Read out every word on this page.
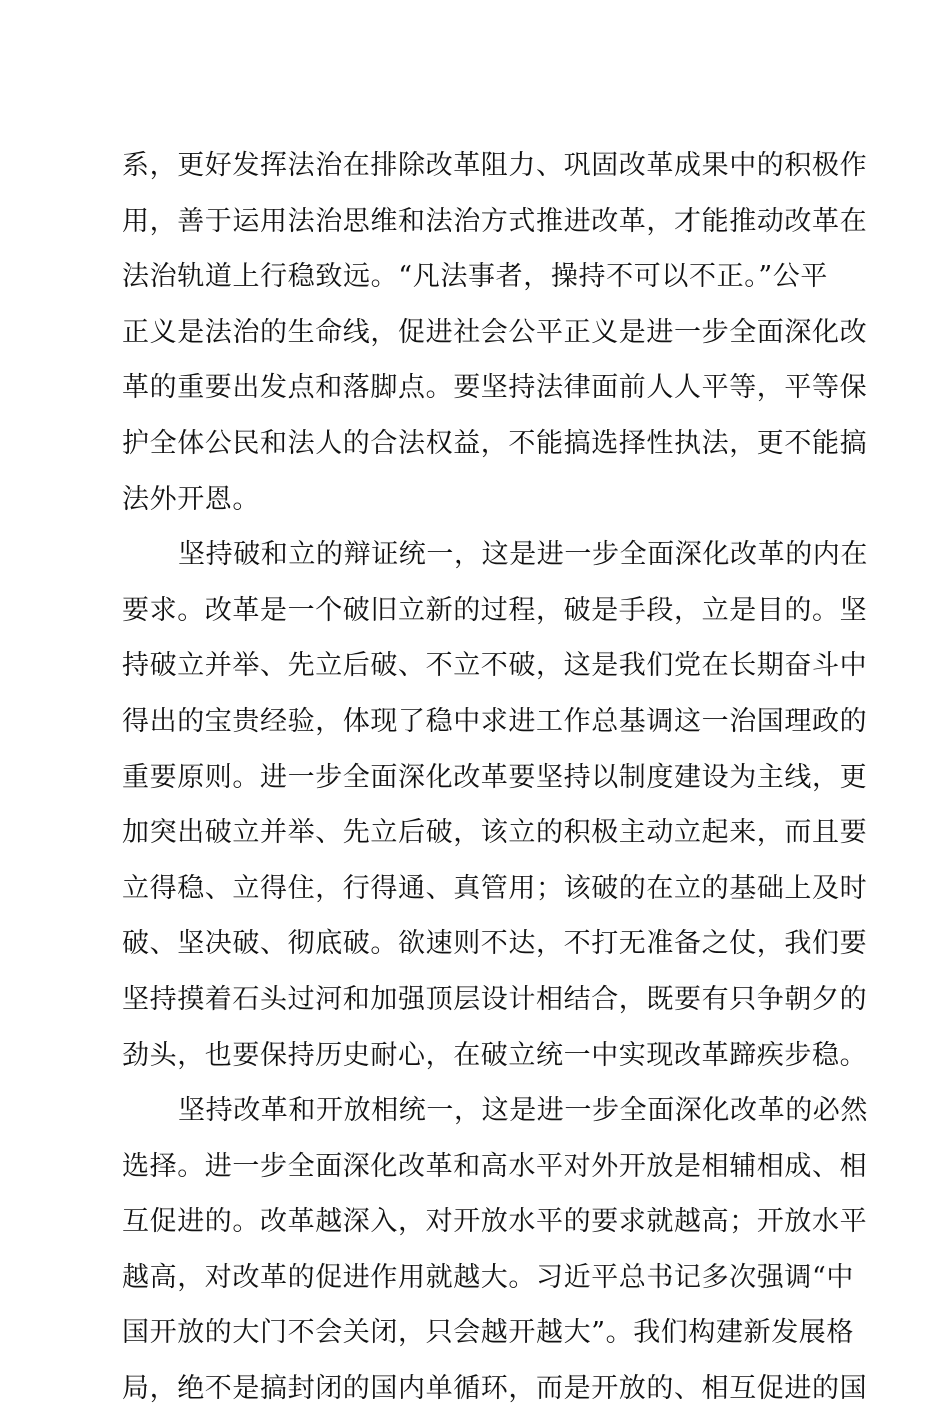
系，更好发挥法治在排除改革阻力、巩固改革成果中的积极作
用，善于运用法治思维和法治方式推进改革，才能推动改革在
法治轨道上行稳致远。“凡法事者，操持不可以不正。”公平
正义是法治的生命线，促进社会公平正义是进一步全面深化改
革的重要出发点和落脚点。要坚持法律面前人人平等，平等保
护全体公民和法人的合法权益，不能搞选择性执法，更不能搞
法外开恩。
坚持破和立的辩证统一，这是进一步全面深化改革的内在
要求。改革是一个破旧立新的过程，破是手段，立是目的。坚
持破立并举、先立后破、不立不破，这是我们党在长期奋斗中
得出的宝贵经验，体现了稳中求进工作总基调这一治国理政的
重要原则。进一步全面深化改革要坚持以制度建设为主线，更
加突出破立并举、先立后破，该立的积极主动立起来，而且要
立得稳、立得住，行得通、真管用；该破的在立的基础上及时
破、坚决破、彻底破。欲速则不达，不打无准备之仗，我们要
坚持摸着石头过河和加强顶层设计相结合，既要有只争朝夕的
劲头，也要保持历史耐心，在破立统一中实现改革蹄疾步稳。
坚持改革和开放相统一，这是进一步全面深化改革的必然
选择。进一步全面深化改革和高水平对外开放是相辅相成、相
互促进的。改革越深入，对开放水平的要求就越高；开放水平
越高，对改革的促进作用就越大。习近平总书记多次强调“中
国开放的大门不会关闭，只会越开越大”。我们构建新发展格
局，绝不是搞封闭的国内单循环，而是开放的、相互促进的国
